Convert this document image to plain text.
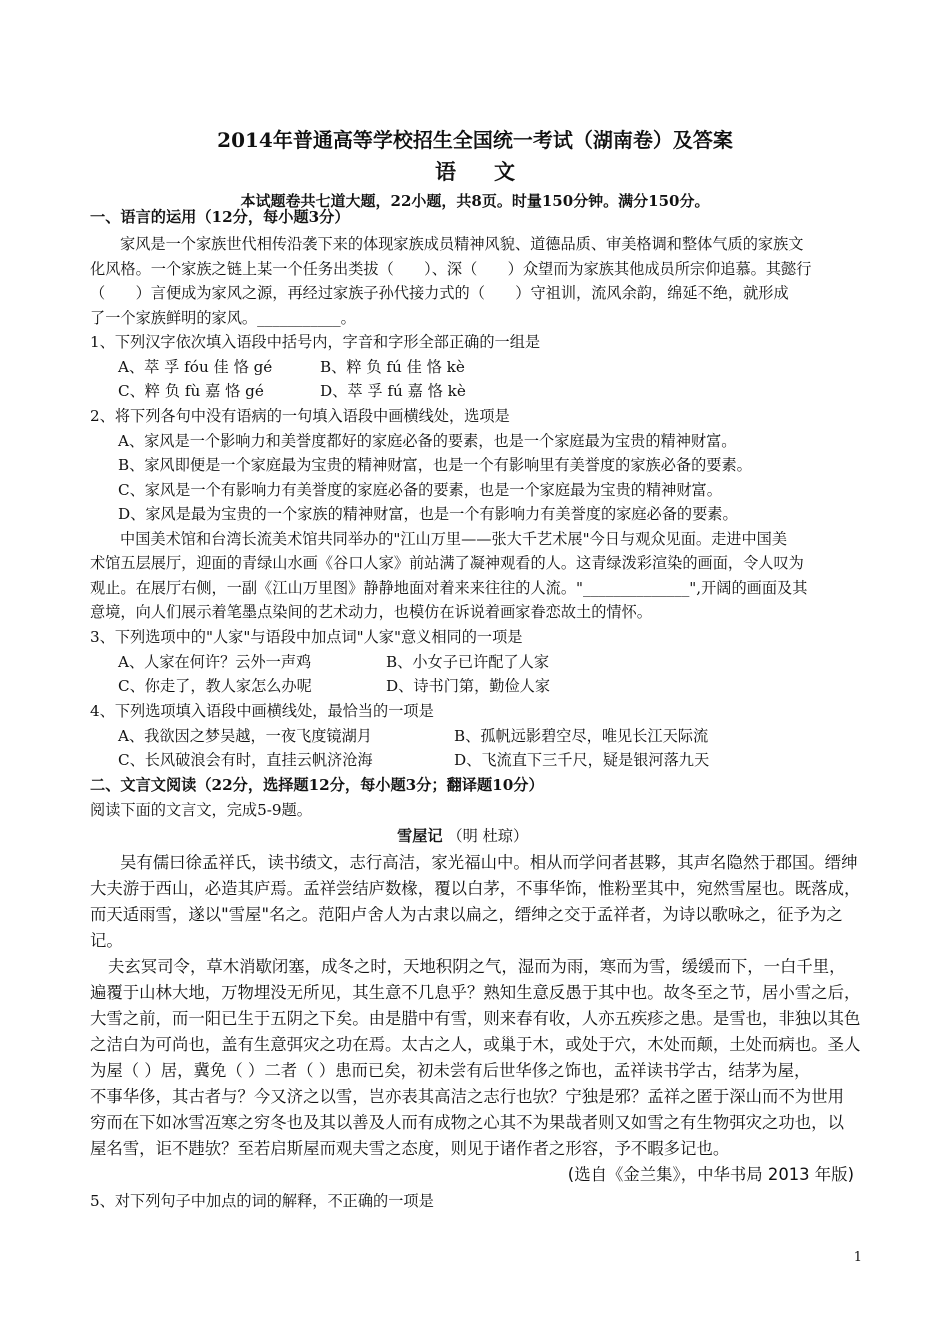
2014年普通高等学校招生全国统一考试（湖南卷）及答案
语文
本试题卷共七道大题，22小题，共8页。时量150分钟。满分150分。
一、语言的运用（12分，每小题3分）
家风是一个家族世代相传沿袭下来的体现家族成员精神风貌、道德品质、审美格调和整体气质的家族文
化风格。一个家族之链上某一个任务出类拔（　　）、深（　　）众望而为家族其他成员所宗仰追慕。其懿行
（　　）言便成为家风之源，再经过家族子孙代接力式的（　　）守祖训，流风余韵，绵延不绝，就形成
了一个家族鲜明的家风。___________。
1、下列汉字依次填入语段中括号内，字音和字形全部正确的一组是
A、萃 孚 fóu 佳 恪 gé	B、粹 负 fú 佳 恪 kè
C、粹 负 fù 嘉 恪 gé	D、萃 孚 fú 嘉 恪 kè
2、将下列各句中没有语病的一句填入语段中画横线处，选项是
A、家风是一个影响力和美誉度都好的家庭必备的要素，也是一个家庭最为宝贵的精神财富。
B、家风即便是一个家庭最为宝贵的精神财富，也是一个有影响里有美誉度的家族必备的要素。
C、家风是一个有影响力有美誉度的家庭必备的要素，也是一个家庭最为宝贵的精神财富。
D、家风是最为宝贵的一个家族的精神财富，也是一个有影响力有美誉度的家庭必备的要素。
中国美术馆和台湾长流美术馆共同举办的"江山万里——张大千艺术展"今日与观众见面。走进中国美
术馆五层展厅，迎面的青绿山水画《谷口人家》前站满了凝神观看的人。这青绿泼彩渲染的画面，令人叹为
观止。在展厅右侧，一副《江山万里图》静静地面对着来来往往的人流。"______________",开阔的画面及其
意境，向人们展示着笔墨点染间的艺术动力，也模仿在诉说着画家眷恋故土的情怀。
3、下列选项中的"人家"与语段中加点词"人家"意义相同的一项是
A、人家在何许？云外一声鸡	B、小女子已许配了人家
C、你走了，教人家怎么办呢	D、诗书门第，勤俭人家
4、下列选项填入语段中画横线处，最恰当的一项是
A、我欲因之梦吴越，一夜飞度镜湖月	B、孤帆远影碧空尽，唯见长江天际流
C、长风破浪会有时，直挂云帆济沧海	D、飞流直下三千尺，疑是银河落九天
二、文言文阅读（22分，选择题12分，每小题3分；翻译题10分）
阅读下面的文言文，完成5-9题。
雪屋记 （明 杜琼）
吴有儒曰徐孟祥氏，读书绩文，志行高洁，家光福山中。相从而学问者甚夥，其声名隐然于郡国。缙绅
大夫游于西山，必造其庐焉。孟祥尝结庐数椽，覆以白茅，不事华饰，惟粉垩其中，宛然雪屋也。既落成，
而天适雨雪，遂以"雪屋"名之。范阳卢舍人为古隶以扁之，缙绅之交于孟祥者，为诗以歌咏之，征予为之
记。
夫玄冥司令，草木消歇闭塞，成冬之时，天地积阴之气，湿而为雨，寒而为雪，缓缓而下，一白千里，
遍覆于山林大地，万物埋没无所见，其生意不几息乎？熟知生意反愚于其中也。故冬至之节，居小雪之后，
大雪之前，而一阳已生于五阴之下矣。由是腊中有雪，则来春有收，人亦五疾疹之患。是雪也，非独以其色
之洁白为可尚也，盖有生意弭灾之功在焉。太古之人，或巢于木，或处于穴，木处而颠，土处而病也。圣人
为屋（ ）居，冀免（ ）二者（ ）患而已矣，初未尝有后世华侈之饰也，孟祥读书学古，结茅为屋，
不事华侈，其古者与？今又济之以雪，岂亦表其高洁之志行也欤？宁独是邪？孟祥之匿于深山而不为世用
穷而在下如冰雪冱寒之穷冬也及其以善及人而有成物之心其不为果哉者则又如雪之有生物弭灾之功也，以
屋名雪，讵不韪欤？至若启斯屋而观夫雪之态度，则见于诸作者之形容，予不暇多记也。
(选自《金兰集》，中华书局 2013 年版)
5、对下列句子中加点的词的解释，不正确的一项是
1
